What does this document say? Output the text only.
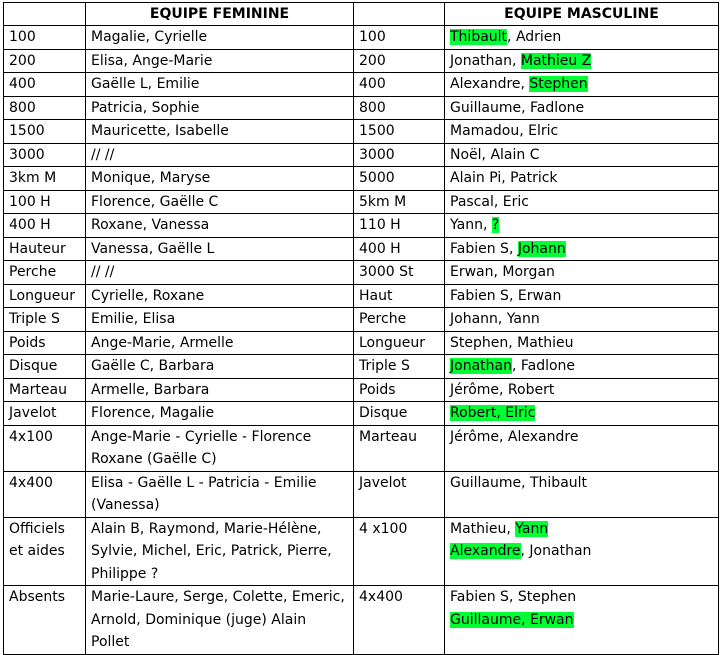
	EQUIPE FEMININE		EQUIPE MASCULINE
100	Magalie, Cyrielle	100	Thibault, Adrien
200	Elisa, Ange-Marie	200	Jonathan, Mathieu Z
400	Gaëlle L, Emilie	400	Alexandre, Stephen
800	Patricia, Sophie	800	Guillaume, Fadlone
1500	Mauricette, Isabelle	1500	Mamadou, Elric
3000	// //	3000	Noël, Alain C
3km M	Monique, Maryse	5000	Alain Pi, Patrick
100 H	Florence, Gaëlle C	5km M	Pascal, Eric
400 H	Roxane, Vanessa	110 H	Yann, ?
Hauteur	Vanessa, Gaëlle L	400 H	Fabien S, Johann
Perche	// //	3000 St	Erwan, Morgan
Longueur	Cyrielle, Roxane	Haut	Fabien S, Erwan
Triple S	Emilie, Elisa	Perche	Johann, Yann
Poids	Ange-Marie, Armelle	Longueur	Stephen, Mathieu
Disque	Gaëlle C, Barbara	Triple S	Jonathan, Fadlone
Marteau	Armelle, Barbara	Poids	Jérôme, Robert
Javelot	Florence, Magalie	Disque	Robert, Elric
4x100	Ange-Marie - Cyrielle - Florence Roxane (Gaëlle C)	Marteau	Jérôme, Alexandre
4x400	Elisa - Gaëlle L - Patricia - Emilie (Vanessa)	Javelot	Guillaume, Thibault
Officiels et aides	Alain B, Raymond, Marie-Hélène, Sylvie, Michel, Eric, Patrick, Pierre, Philippe ?	4 x100	Mathieu, Yann
Alexandre, Jonathan
Absents	Marie-Laure, Serge, Colette, Emeric, Arnold, Dominique (juge) Alain Pollet	4x400	Fabien S, Stephen
Guillaume, Erwan
